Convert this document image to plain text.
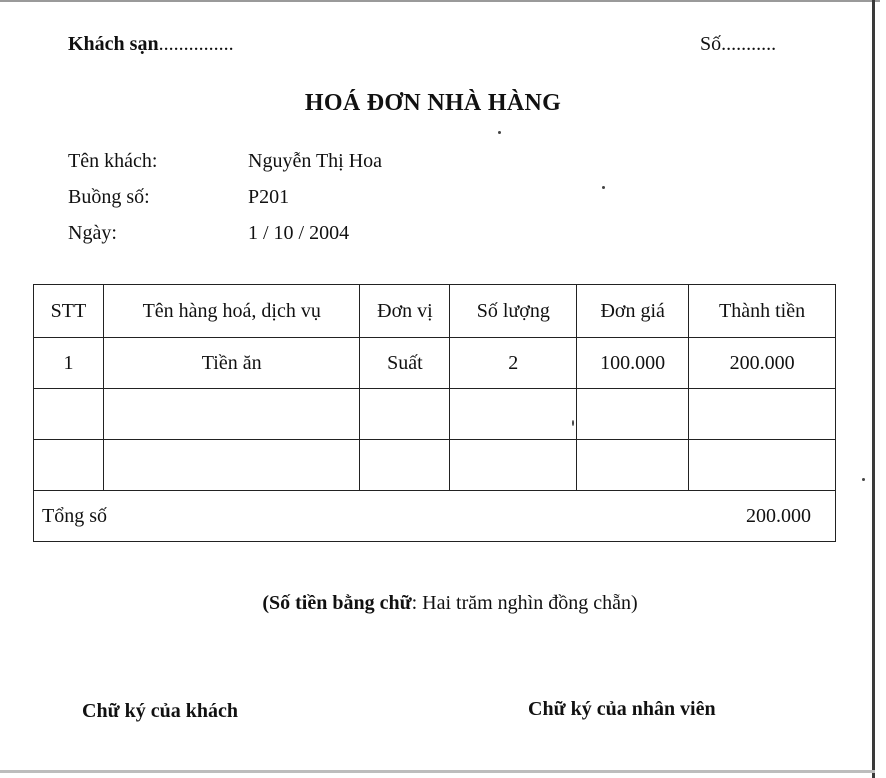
Khách sạn...............	Số...........
HOÁ ĐƠN NHÀ HÀNG
Tên khách:	Nguyễn Thị Hoa
Buồng số:	P201
Ngày:	1 / 10 / 2004
STT	Tên hàng hoá, dịch vụ	Đơn vị	Số lượng	Đơn giá	Thành tiền
1	Tiền ăn	Suất	2	100.000	200.000

Tổng số			200.000		
(Số tiền bằng chữ: Hai trăm nghìn đồng chẵn)
Chữ ký của khách	Chữ ký của nhân viên
